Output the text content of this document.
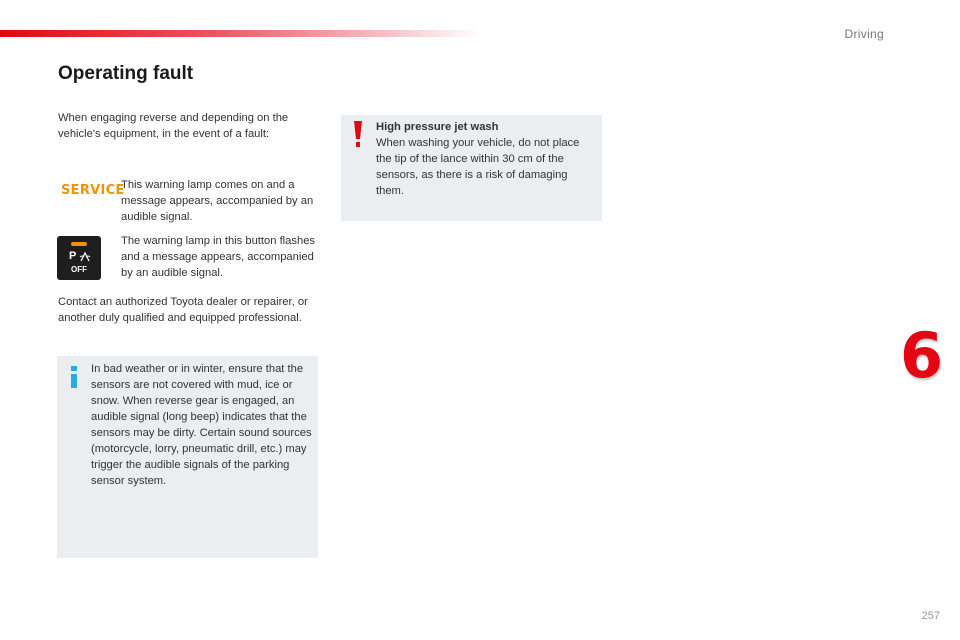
Driving
6
Operating fault

When engaging reverse and depending on the vehicle's equipment, in the event of a fault:

SERVICE

This warning lamp comes on and a message appears, accompanied by an audible signal.

P
OFF

The warning lamp in this button flashes and a message appears, accompanied by an audible signal.

Contact an authorized Toyota dealer or repairer, or another duly qualified and equipped professional.

In bad weather or in winter, ensure that the sensors are not covered with mud, ice or snow. When reverse gear is engaged, an audible signal (long beep) indicates that the sensors may be dirty. Certain sound sources (motorcycle, lorry, pneumatic drill, etc.) may trigger the audible signals of the parking sensor system.

High pressure jet wash

When washing your vehicle, do not place the tip of the lance within 30 cm of the sensors, as there is a risk of damaging them.

257
